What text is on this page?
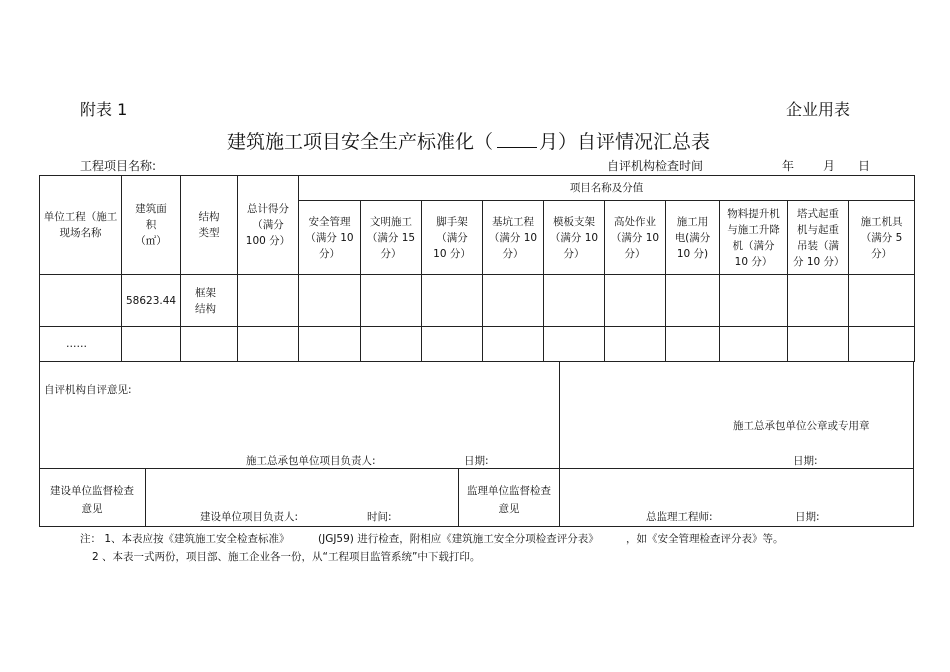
附表 1	企业用表
建筑施工项目安全生产标准化（ 月）自评情况汇总表
工程项目名称:	自评机构检查时间	年 月 日
单位工程（施工现场名称	建筑面积（㎡）	结构类型	总计得分（满分 100 分）	项目名称及分值									

				安全管理（满分 10 分）	文明施工（满分 15 分）	脚手架（满分 10 分）	基坑工程（满分 10 分）	模板支架（满分 10 分）	高处作业（满分 10 分）	施工用电(满分 10 分)	物料提升机与施工升降机（满分 10 分）	塔式起重机与起重吊装（满分 10 分）	施工机具（满分 5 分）

	58623.44	框架结构											

……													
自评机构自评意见:
施工总承包单位公章或专用章
施工总承包单位项目负责人:	日期:	日期:
建设单位监督检查意见
建设单位项目负责人:	时间:
监理单位监督检查意见
总监理工程师:	日期:
注： 1、本表应按《建筑施工安全检查标准》	(JGJ59) 进行检查，附相应《建筑施工安全分项检查评分表》	，如《安全管理检查评分表》等。
2 、本表一式两份，项目部、施工企业各一份，从“工程项目监管系统”中下载打印。
